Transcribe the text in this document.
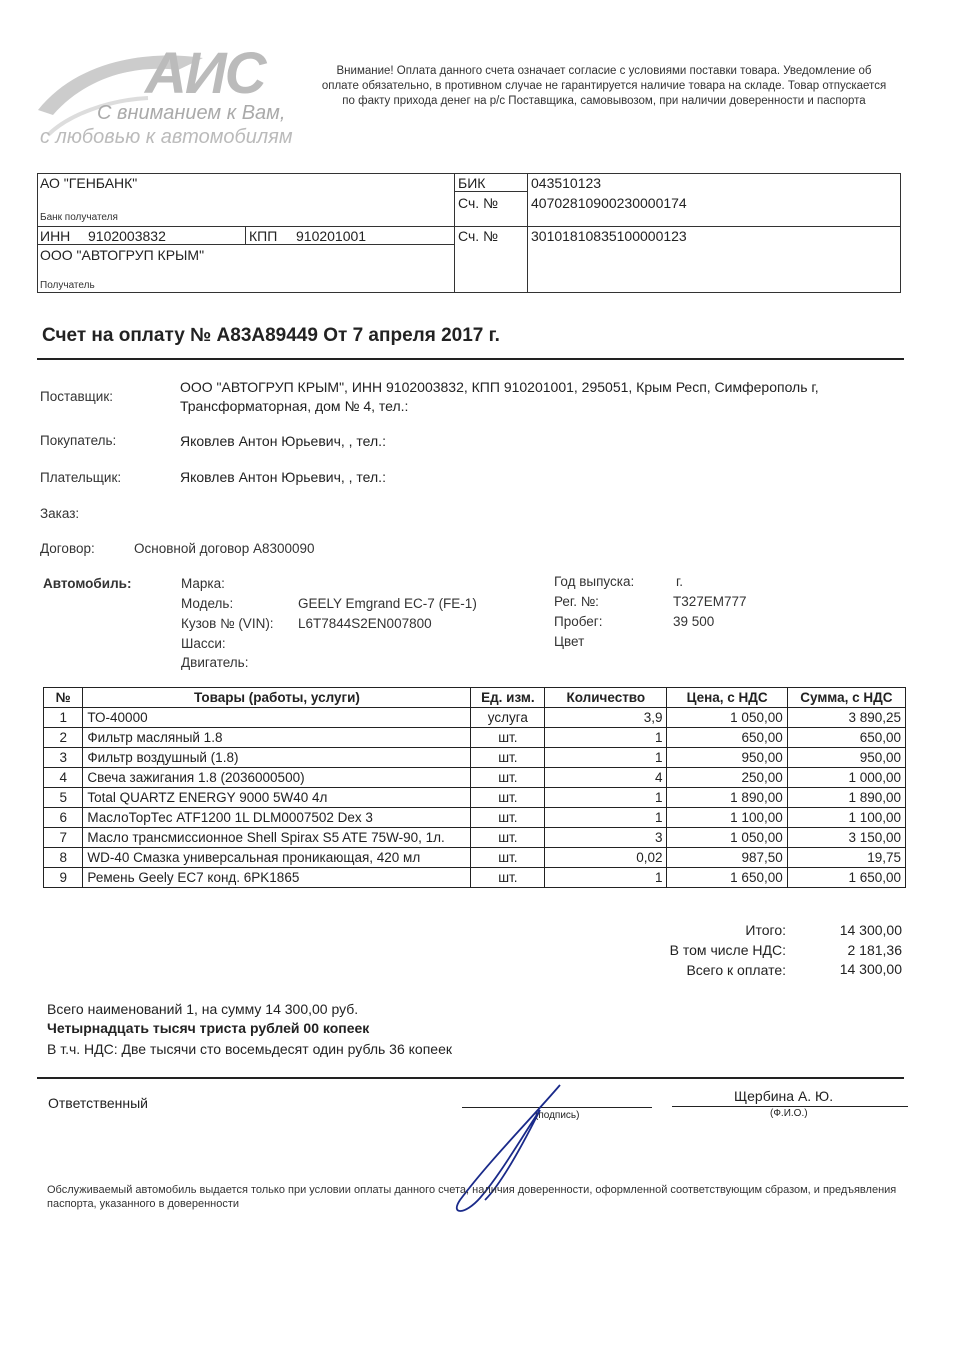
АИС
С вниманием к Вам,
с любовью к автомобилям
Внимание! Оплата данного счета означает согласие с условиями поставки товара. Уведомление об оплате обязательно, в противном случае не гарантируется наличие товара на складе. Товар отпускается по факту прихода денег на р/с Поставщика, самовывозом, при наличии доверенности и паспорта
АО "ГЕНБАНК"
Банк получателя
БИК	043510123
Сч. № 40702810900230000174
ИНН 9102003832	КПП 910201001	Сч. № 30101810835100000123
ООО "АВТОГРУП КРЫМ"
Получатель
Счет на оплату № А83А89449 От 7 апреля 2017 г.
Поставщик:
ООО "АВТОГРУП КРЫМ", ИНН 9102003832, КПП 910201001, 295051, Крым Респ, Симферополь г,
Трансформаторная, дом № 4, тел.:
Покупатель:	Яковлев Антон Юрьевич, , тел.:
Плательщик:	Яковлев Антон Юрьевич, , тел.:
Заказ:
Договор:	Основной договор А8300090
Автомобиль:	Марка:
Модель:	GEELY Emgrand EC-7 (FE-1)
Кузов № (VIN): L6T7844S2EN007800
Шасси:
Двигатель:
Год выпуска:	г.
Рег. №:	Т327ЕМ777
Пробег:	39 500
Цвет
№	Товары (работы, услуги)	Ед. изм.	Количество	Цена, с НДС	Сумма, с НДС
1	ТО-40000	услуга	3,9	1 050,00	3 890,25
2	Фильтр масляный 1.8	шт.	1	650,00	650,00
3	Фильтр воздушный (1.8)	шт.	1	950,00	950,00
4	Свеча зажигания 1.8 (2036000500)	шт.	4	250,00	1 000,00
5	Total QUARTZ ENERGY 9000 5W40 4л	шт.	1	1 890,00	1 890,00
6	МаслоТорТес ATF1200 1L DLM0007502 Dex 3	шт.	1	1 100,00	1 100,00
7	Масло трансмиссионное Shell Spirax S5 ATE 75W-90, 1л.	шт.	3	1 050,00	3 150,00
8	WD-40 Смазка универсальная проникающая, 420 мл	шт.	0,02	987,50	19,75
9	Ремень Geely EC7 конд. 6PK1865	шт.	1	1 650,00	1 650,00
Итого:	14 300,00
В том числе НДС:	2 181,36
Всего к оплате:	14 300,00
Всего наименований 1, на сумму 14 300,00 руб.
Четырнадцать тысяч триста рублей 00 копеек
В т.ч. НДС: Две тысячи сто восемьдесят один рубль 36 копеек
Ответственный
(подпись)
Щербина А. Ю.
(Ф.И.О.)
Обслуживаемый автомобиль выдается только при условии оплаты данного счета, наличия доверенности, оформленной соответствующим сбразом, и предъявления паспорта, указанного в доверенности
